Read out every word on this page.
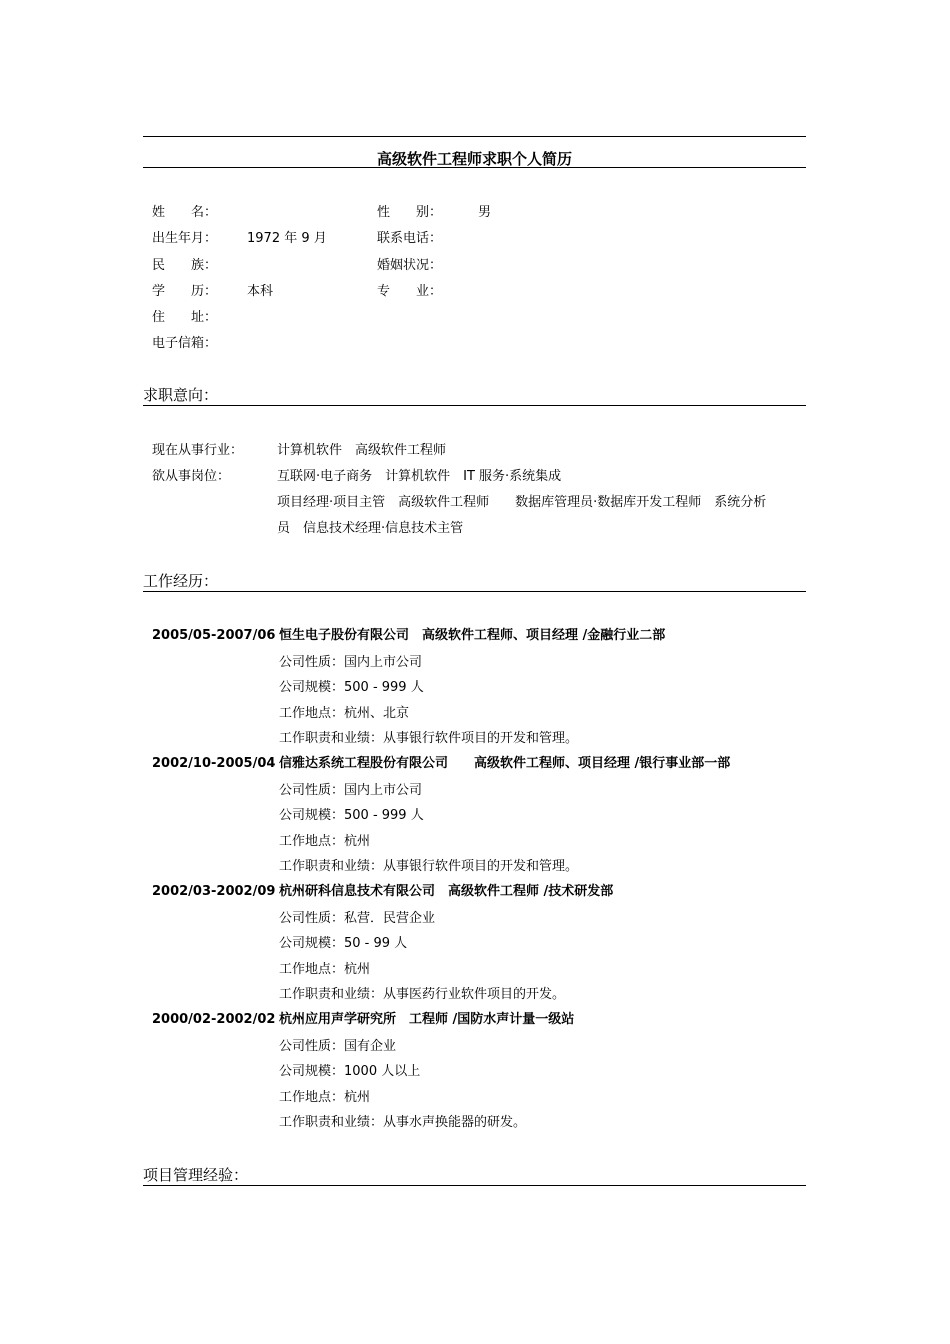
高级软件工程师求职个人简历
姓　　名：	性　　别：	男
出生年月： 1972 年 9 月	联系电话：
民　　族：	婚姻状况：
学　　历： 本科	专　　业：
住　　址：
电子信箱：
求职意向：
现在从事行业：	计算机软件　高级软件工程师
欲从事岗位：	互联网·电子商务　计算机软件　IT 服务·系统集成
项目经理·项目主管　高级软件工程师　　数据库管理员·数据库开发工程师　系统分析
员　信息技术经理·信息技术主管
工作经历：
2005/05-2007/06 恒生电子股份有限公司　高级软件工程师、项目经理 /金融行业二部
公司性质：国内上市公司
公司规模：500 - 999 人
工作地点：杭州、北京
工作职责和业绩：从事银行软件项目的开发和管理。
2002/10-2005/04 信雅达系统工程股份有限公司　　高级软件工程师、项目经理 /银行事业部一部
公司性质：国内上市公司
公司规模：500 - 999 人
工作地点：杭州
工作职责和业绩：从事银行软件项目的开发和管理。
2002/03-2002/09 杭州研科信息技术有限公司　高级软件工程师 /技术研发部
公司性质：私营．民营企业
公司规模：50 - 99 人
工作地点：杭州
工作职责和业绩：从事医药行业软件项目的开发。
2000/02-2002/02 杭州应用声学研究所　工程师 /国防水声计量一级站
公司性质：国有企业
公司规模：1000 人以上
工作地点：杭州
工作职责和业绩：从事水声换能器的研发。
项目管理经验：
